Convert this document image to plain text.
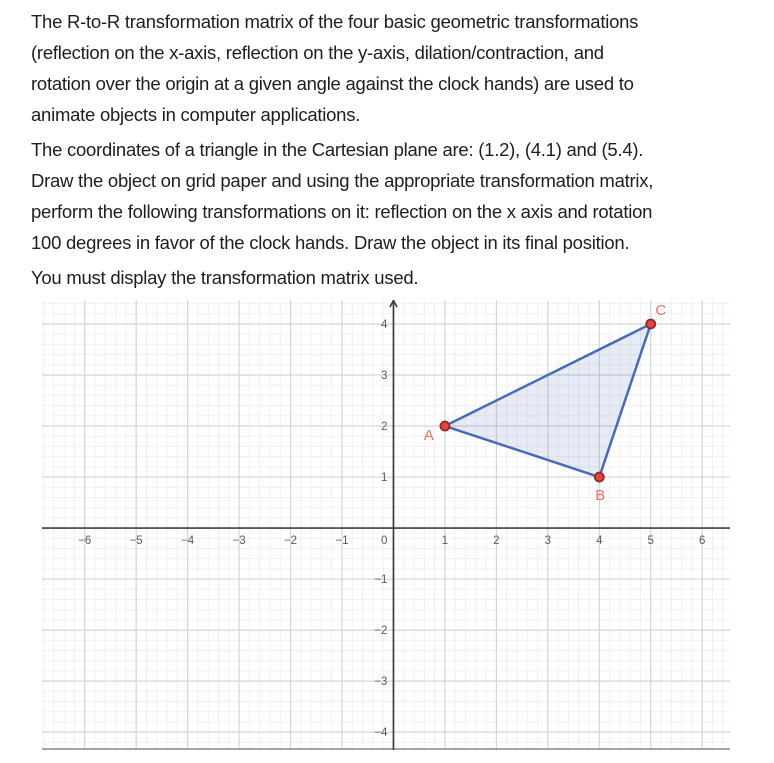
The R-to-R transformation matrix of the four basic geometric transformations
(reflection on the x-axis, reflection on the y-axis, dilation/contraction, and
rotation over the origin at a given angle against the clock hands) are used to
animate objects in computer applications.

The coordinates of a triangle in the Cartesian plane are: (1.2), (4.1) and (5.4).
Draw the object on grid paper and using the appropriate transformation matrix,
perform the following transformations on it: reflection on the x axis and rotation
100 degrees in favor of the clock hands. Draw the object in its final position.

You must display the transformation matrix used.

−6	−5	−4	−3	−2	−1	0	1	2	3	4	5	6
−4
−3
−2
−1
1
2
3
4
A
B
C
